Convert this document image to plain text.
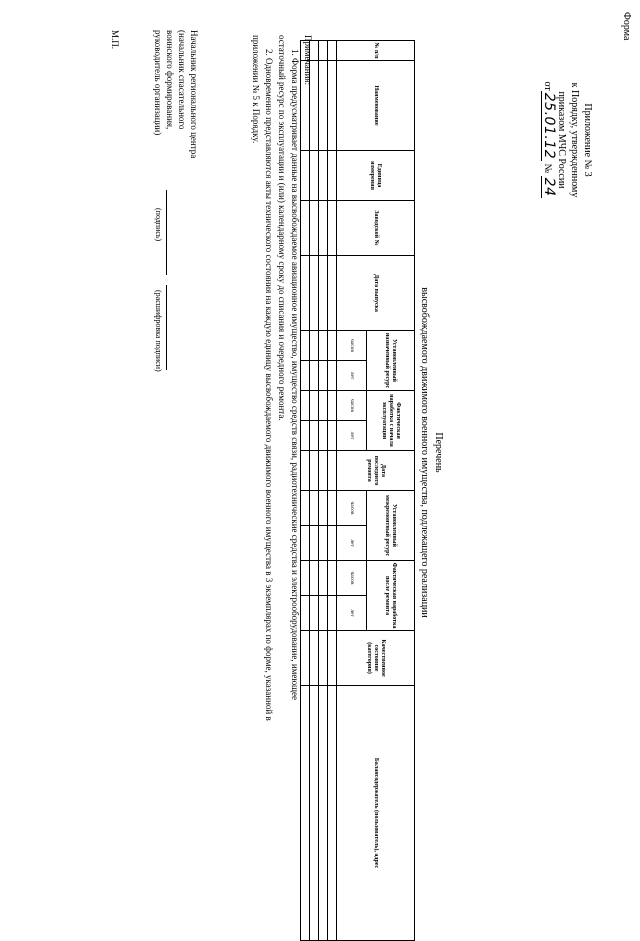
Форма
Приложение № 3
к Порядку, утвержденному
приказом МЧС России
от25.01.12 № 24
Перечень
высвобождаемого движимого военного имущества, подлежащего реализации
№ п/п	Наименование	Единица измерения	Заводской №	Дата выпуска	Установленный назначенный ресурс		Фактическая наработка с начала эксплуатации		Дата последнего ремонта	Установленный межремонтный ресурс		Фактическая наработка после ремонта		Качественное состояние (категория)	Балансодержатель (пользователь), адрес
					часов	лет	часов	лет		часов	лет	часов	лет		

Примечания:
1. Форма предусматривает данные на высвобождаемое авиационное имущество, имущество средств связи, радиотехнические средства и электрооборудование, имеющее
остаточный ресурс по эксплуатации и (или) календарному сроку до списания и очередного ремонта.
2. Одновременно представляются акты технического состояния на каждую единицу высвобождаемого движимого военного имущества в 3 экземплярах по форме, указанной в
приложении № 5 к Порядку.
Начальник регионального центра
(начальник спасательного
воинского формирования,
руководитель организации)
(подпись)
(расшифровка подписи)
М.П.
